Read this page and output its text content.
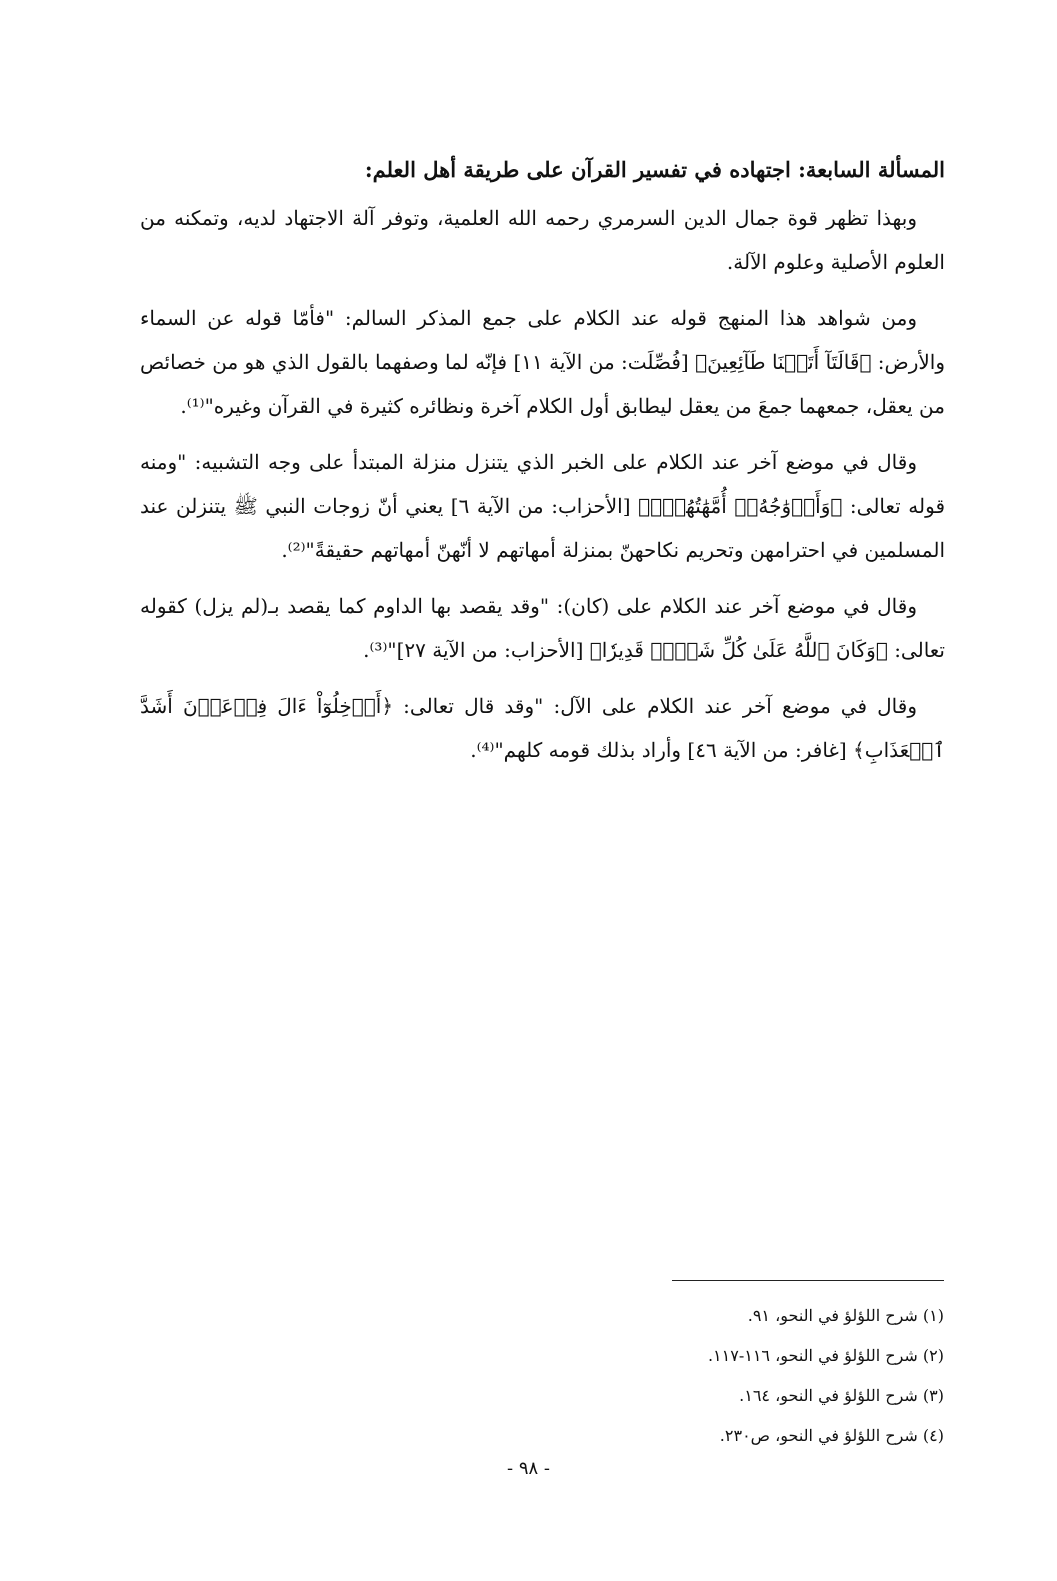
المسألة السابعة: اجتهاده في تفسير القرآن على طريقة أهل العلم:

وبهذا تظهر قوة جمال الدين السرمري رحمه الله العلمية، وتوفر آلة الاجتهاد لديه، وتمكنه من العلوم الأصلية وعلوم الآلة.

ومن شواهد هذا المنهج قوله عند الكلام على جمع المذكر السالم: "فأمّا قوله عن السماء والأرض: ﴿قَالَتَآ أَتَيۡنَا طَآئِعِينَ﴾ [فُصِّلَت: من الآية ١١] فإنّه لما وصفهما بالقول الذي هو من خصائص من يعقل، جمعهما جمعَ من يعقل ليطابق أول الكلام آخرة ونظائره كثيرة في القرآن وغيره"⁽¹⁾.

وقال في موضع آخر عند الكلام على الخبر الذي يتنزل منزلة المبتدأ على وجه التشبيه: "ومنه قوله تعالى: ﴿وَأَزۡوَٰجُهُۥٓ أُمَّهَٰتُهُمۡۗ﴾ [الأحزاب: من الآية ٦] يعني أنّ زوجات النبي ﷺ يتنزلن عند المسلمين في احترامهن وتحريم نكاحهنّ بمنزلة أمهاتهم لا أنّهنّ أمهاتهم حقيقةً"⁽²⁾.

وقال في موضع آخر عند الكلام على (كان): "وقد يقصد بها الداوم كما يقصد بـ(لم يزل) كقوله تعالى: ﴿وَكَانَ ٱللَّهُ عَلَىٰ كُلِّ شَيۡءٖ قَدِيرٗا﴾ [الأحزاب: من الآية ٢٧]"⁽³⁾.

وقال في موضع آخر عند الكلام على الآل: "وقد قال تعالى: ﴿أَدۡخِلُوٓاْ ءَالَ فِرۡعَوۡنَ أَشَدَّ ٱلۡعَذَابِ﴾ [غافر: من الآية ٤٦] وأراد بذلك قومه كلهم"⁽⁴⁾.

(١) شرح اللؤلؤ في النحو، ٩١.

(٢) شرح اللؤلؤ في النحو، ١١٦-١١٧.

(٣) شرح اللؤلؤ في النحو، ١٦٤.

(٤) شرح اللؤلؤ في النحو، ص٢٣٠.

- ٩٨ -
